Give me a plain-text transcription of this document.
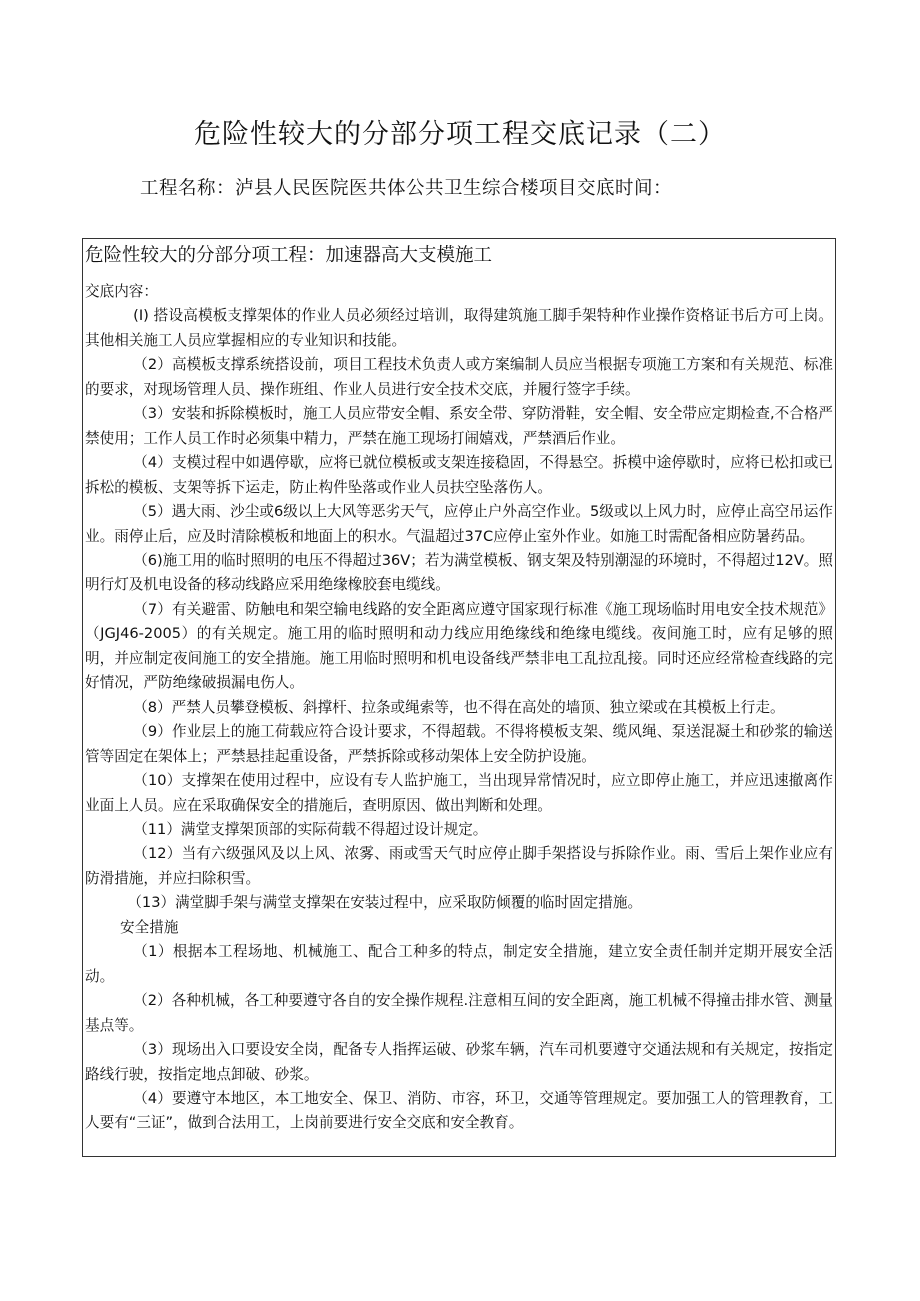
危险性较大的分部分项工程交底记录（二）
工程名称：泸县人民医院医共体公共卫生综合楼项目交底时间：
危险性较大的分部分项工程：加速器高大支模施工

交底内容：

(I) 搭设高模板支撑架体的作业人员必须经过培训，取得建筑施工脚手架特种作业操作资格证书后方可上岗。其他相关施工人员应掌握相应的专业知识和技能。

（2）高模板支撑系统搭设前，项目工程技术负责人或方案编制人员应当根据专项施工方案和有关规范、标准的要求，对现场管理人员、操作班组、作业人员进行安全技术交底，并履行签字手续。

（3）安装和拆除模板时，施工人员应带安全帽、系安全带、穿防滑鞋，安全帽、安全带应定期检查,不合格严禁使用；工作人员工作时必须集中精力，严禁在施工现场打闹嬉戏，严禁酒后作业。

（4）支模过程中如遇停歇，应将已就位模板或支架连接稳固，不得悬空。拆模中途停歇时，应将已松扣或已拆松的模板、支架等拆下运走，防止构件坠落或作业人员扶空坠落伤人。

（5）遇大雨、沙尘或6级以上大风等恶劣天气，应停止户外高空作业。5级或以上风力时，应停止高空吊运作业。雨停止后，应及时清除模板和地面上的积水。气温超过37C应停止室外作业。如施工时需配备相应防暑药品。

（6)施工用的临时照明的电压不得超过36V；若为满堂模板、钢支架及特别潮湿的环境时，不得超过12V。照明行灯及机电设备的移动线路应采用绝缘橡胶套电缆线。

（7）有关避雷、防触电和架空输电线路的安全距离应遵守国家现行标准《施工现场临时用电安全技术规范》（JGJ46-2005）的有关规定。施工用的临时照明和动力线应用绝缘线和绝缘电缆线。夜间施工时，应有足够的照明，并应制定夜间施工的安全措施。施工用临时照明和机电设备线严禁非电工乱拉乱接。同时还应经常检查线路的完好情况，严防绝缘破损漏电伤人。

（8）严禁人员攀登模板、斜撑杆、拉条或绳索等，也不得在高处的墙顶、独立梁或在其模板上行走。

（9）作业层上的施工荷载应符合设计要求，不得超载。不得将模板支架、缆风绳、泵送混凝土和砂浆的输送管等固定在架体上；严禁悬挂起重设备，严禁拆除或移动架体上安全防护设施。

（10）支撑架在使用过程中，应设有专人监护施工，当出现异常情况时，应立即停止施工，并应迅速撤离作业面上人员。应在采取确保安全的措施后，查明原因、做出判断和处理。

（11）满堂支撑架顶部的实际荷载不得超过设计规定。

（12）当有六级强风及以上风、浓雾、雨或雪天气时应停止脚手架搭设与拆除作业。雨、雪后上架作业应有防滑措施，并应扫除积雪。

（13）满堂脚手架与满堂支撑架在安装过程中，应采取防倾覆的临时固定措施。

安全措施

（1）根据本工程场地、机械施工、配合工种多的特点，制定安全措施，建立安全责任制并定期开展安全活动。

（2）各种机械，各工种要遵守各自的安全操作规程.注意相互间的安全距离，施工机械不得撞击排水管、测量基点等。

（3）现场出入口要设安全岗，配备专人指挥运破、砂浆车辆，汽车司机要遵守交通法规和有关规定，按指定路线行驶，按指定地点卸破、砂浆。

（4）要遵守本地区，本工地安全、保卫、消防、市容，环卫，交通等管理规定。要加强工人的管理教育，工人要有“三证”，做到合法用工，上岗前要进行安全交底和安全教育。
